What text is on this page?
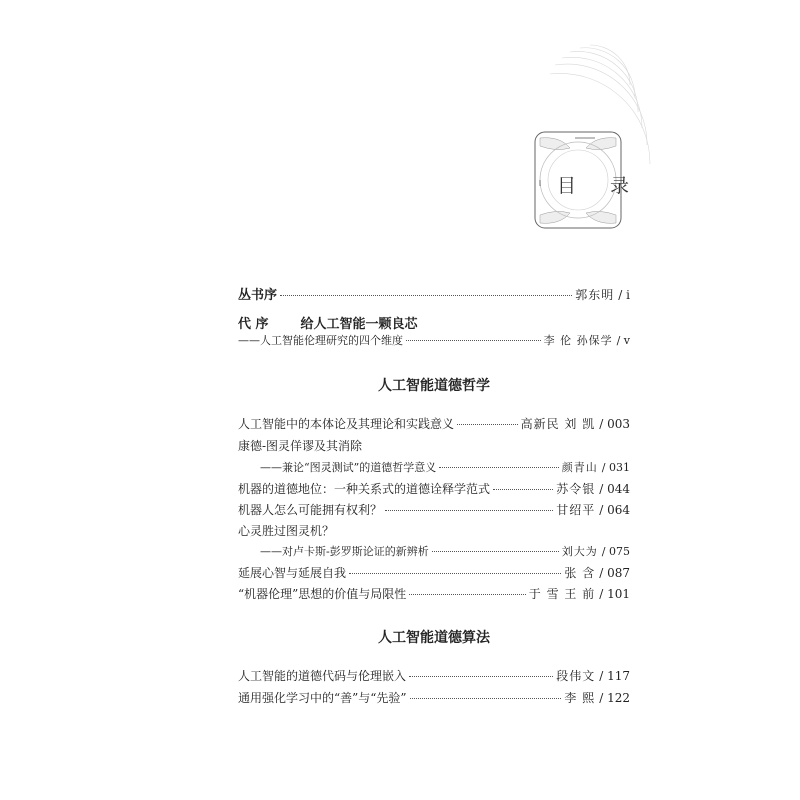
目 录
丛书序	郭东明 / i
代 序 给人工智能一颗良芯
——人工智能伦理研究的四个维度	李 伦 孙保学 / v
人工智能道德哲学
人工智能中的本体论及其理论和实践意义	高新民 刘 凯 / 003
康德-图灵佯谬及其消除
——兼论“图灵测试”的道德哲学意义	颜青山 / 031
机器的道德地位：一种关系式的道德诠释学范式	苏令银 / 044
机器人怎么可能拥有权利？	甘绍平 / 064
心灵胜过图灵机？
——对卢卡斯-彭罗斯论证的新辨析	刘大为 / 075
延展心智与延展自我	张 含 / 087
“机器伦理”思想的价值与局限性	于 雪 王 前 / 101
人工智能道德算法
人工智能的道德代码与伦理嵌入	段伟文 / 117
通用强化学习中的“善”与“先验”	李 熙 / 122
